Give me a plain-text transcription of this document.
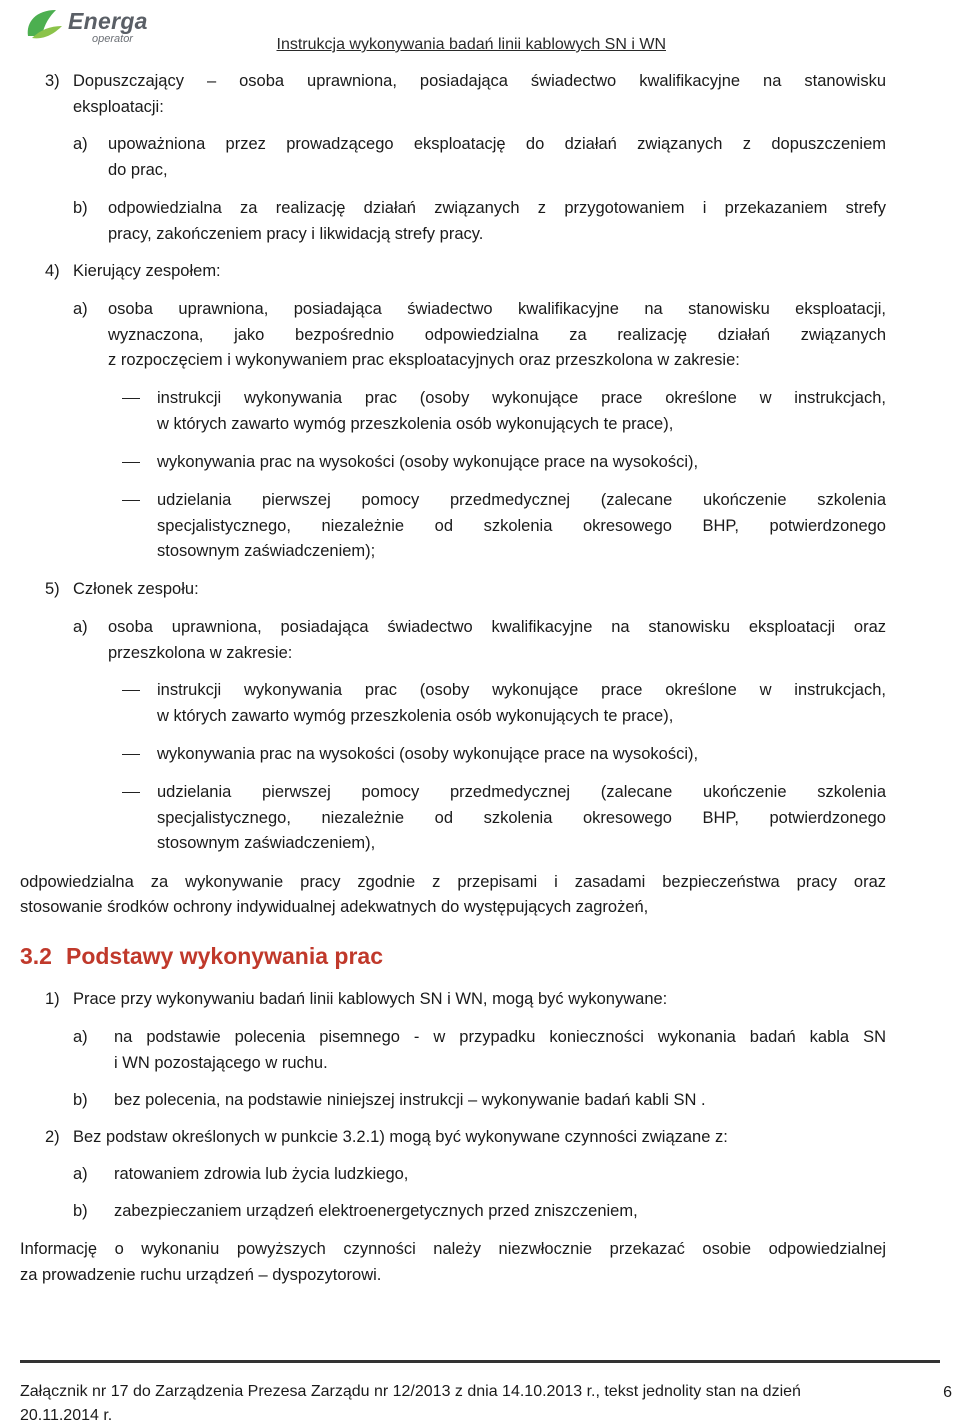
Energa
operator	Instrukcja wykonywania badań linii kablowych SN i WN
3) Dopuszczający – osoba uprawniona, posiadająca świadectwo kwalifikacyjne na stanowisku
eksploatacji:
a) upoważniona przez prowadzącego eksploatację do działań związanych z dopuszczeniem
do prac,
b) odpowiedzialna za realizację działań związanych z przygotowaniem i przekazaniem strefy
pracy, zakończeniem pracy i likwidacją strefy pracy.
4) Kierujący zespołem:
a) osoba uprawniona, posiadająca świadectwo kwalifikacyjne na stanowisku eksploatacji,
wyznaczona, jako bezpośrednio odpowiedzialna za realizację działań związanych
z rozpoczęciem i wykonywaniem prac eksploatacyjnych oraz przeszkolona w zakresie:
instrukcji wykonywania prac (osoby wykonujące prace określone w instrukcjach,
w których zawarto wymóg przeszkolenia osób wykonujących te prace),
wykonywania prac na wysokości (osoby wykonujące prace na wysokości),
udzielania pierwszej pomocy przedmedycznej (zalecane ukończenie szkolenia
specjalistycznego, niezależnie od szkolenia okresowego BHP, potwierdzonego
stosownym zaświadczeniem);
5) Członek zespołu:
a) osoba uprawniona, posiadająca świadectwo kwalifikacyjne na stanowisku eksploatacji oraz
przeszkolona w zakresie:
instrukcji wykonywania prac (osoby wykonujące prace określone w instrukcjach,
w których zawarto wymóg przeszkolenia osób wykonujących te prace),
wykonywania prac na wysokości (osoby wykonujące prace na wysokości),
udzielania pierwszej pomocy przedmedycznej (zalecane ukończenie szkolenia
specjalistycznego, niezależnie od szkolenia okresowego BHP, potwierdzonego
stosownym zaświadczeniem),
odpowiedzialna za wykonywanie pracy zgodnie z przepisami i zasadami bezpieczeństwa pracy oraz
stosowanie środków ochrony indywidualnej adekwatnych do występujących zagrożeń,
3.2 Podstawy wykonywania prac
1) Prace przy wykonywaniu badań linii kablowych SN i WN, mogą być wykonywane:
a) na podstawie polecenia pisemnego - w przypadku konieczności wykonania badań kabla SN
i WN pozostającego w ruchu.
b) bez polecenia, na podstawie niniejszej instrukcji – wykonywanie badań kabli SN .
2) Bez podstaw określonych w punkcie 3.2.1) mogą być wykonywane czynności związane z:
a) ratowaniem zdrowia lub życia ludzkiego,
b) zabezpieczaniem urządzeń elektroenergetycznych przed zniszczeniem,
Informację o wykonaniu powyższych czynności należy niezwłocznie przekazać osobie odpowiedzialnej
za prowadzenie ruchu urządzeń – dyspozytorowi.
Załącznik nr 17 do Zarządzenia Prezesa Zarządu nr 12/2013 z dnia 14.10.2013 r., tekst jednolity stan na dzień 20.11.2014 r.
6
